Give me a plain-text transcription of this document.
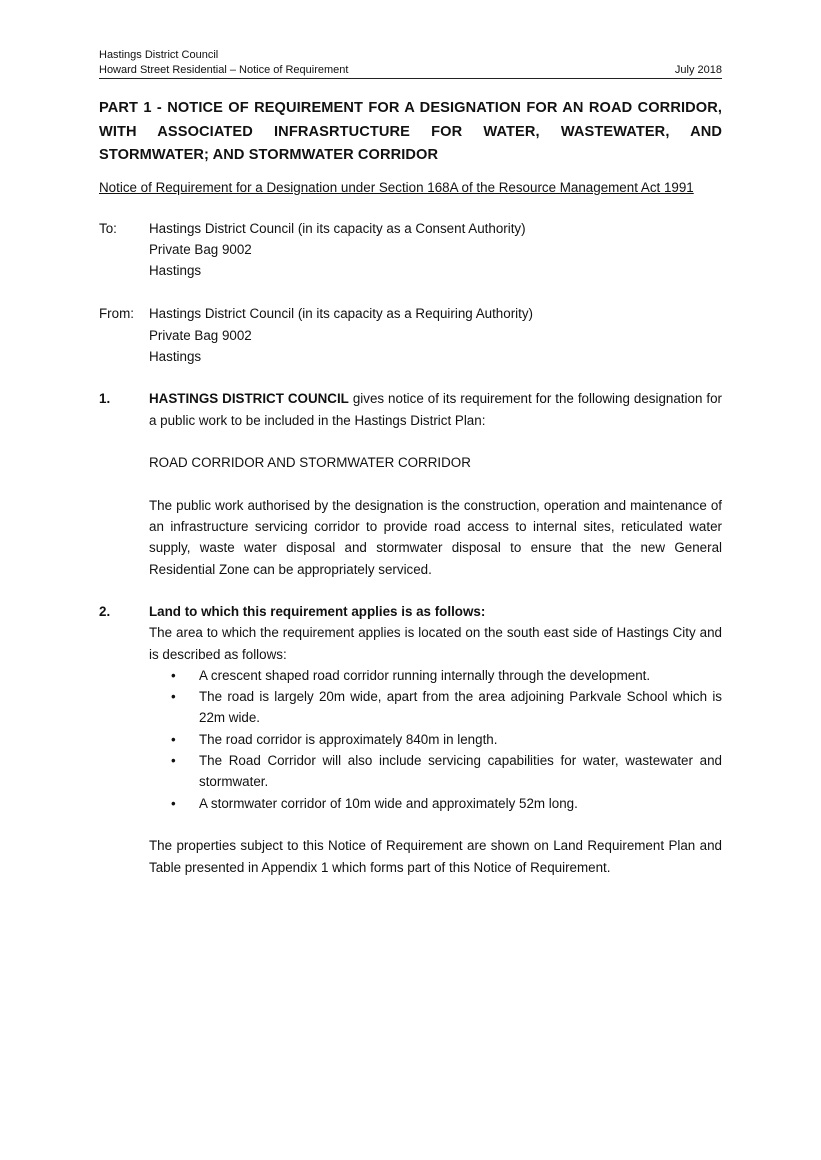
Hastings District Council
Howard Street Residential – Notice of Requirement	July 2018
PART 1 - NOTICE OF REQUIREMENT FOR A DESIGNATION FOR AN ROAD CORRIDOR, WITH ASSOCIATED INFRASRTUCTURE FOR WATER, WASTEWATER, AND STORMWATER; AND STORMWATER CORRIDOR
Notice of Requirement for a Designation under Section 168A of the Resource Management Act 1991
To:	Hastings District Council (in its capacity as a Consent Authority)
Private Bag 9002
Hastings
From:	Hastings District Council (in its capacity as a Requiring Authority)
Private Bag 9002
Hastings
1.	HASTINGS DISTRICT COUNCIL gives notice of its requirement for the following designation for a public work to be included in the Hastings District Plan:
ROAD CORRIDOR AND STORMWATER CORRIDOR
The public work authorised by the designation is the construction, operation and maintenance of an infrastructure servicing corridor to provide road access to internal sites, reticulated water supply, waste water disposal and stormwater disposal to ensure that the new General Residential Zone can be appropriately serviced.
2.	Land to which this requirement applies is as follows:
The area to which the requirement applies is located on the south east side of Hastings City and is described as follows:
•
A crescent shaped road corridor running internally through the development.
•
The road is largely 20m wide, apart from the area adjoining Parkvale School which is 22m wide.
•
The road corridor is approximately 840m in length.
•
The Road Corridor will also include servicing capabilities for water, wastewater and stormwater.
•
A stormwater corridor of 10m wide and approximately 52m long.
The properties subject to this Notice of Requirement are shown on Land Requirement Plan and Table presented in Appendix 1 which forms part of this Notice of Requirement.
